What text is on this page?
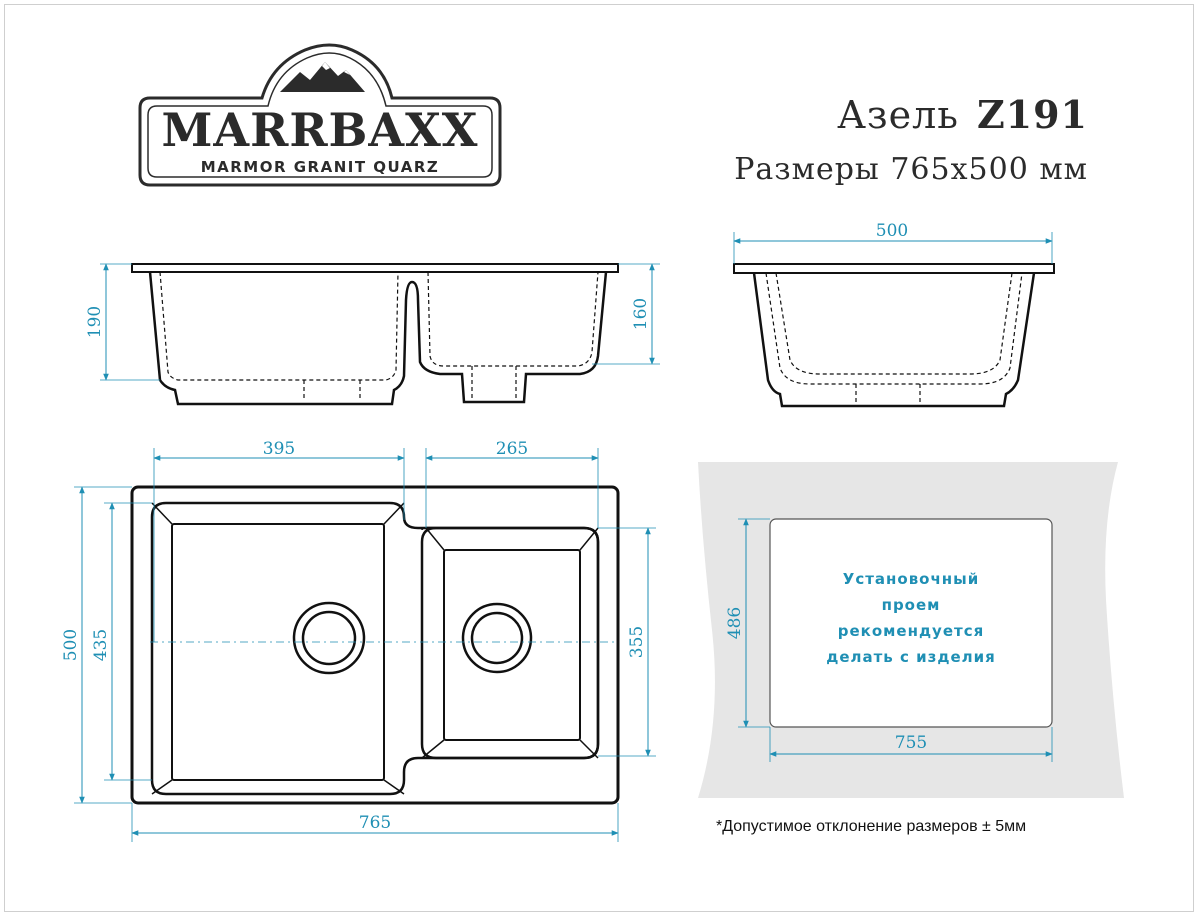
MARRBAXX
MARMOR GRANIT QUARZ
190	160
500
395	265
500 435	355
765
486
755
Азель Z191
Размеры 765х500 мм
Установочный
проем
рекомендуется
делать с изделия
*Допустимое отклонение размеров ± 5мм
